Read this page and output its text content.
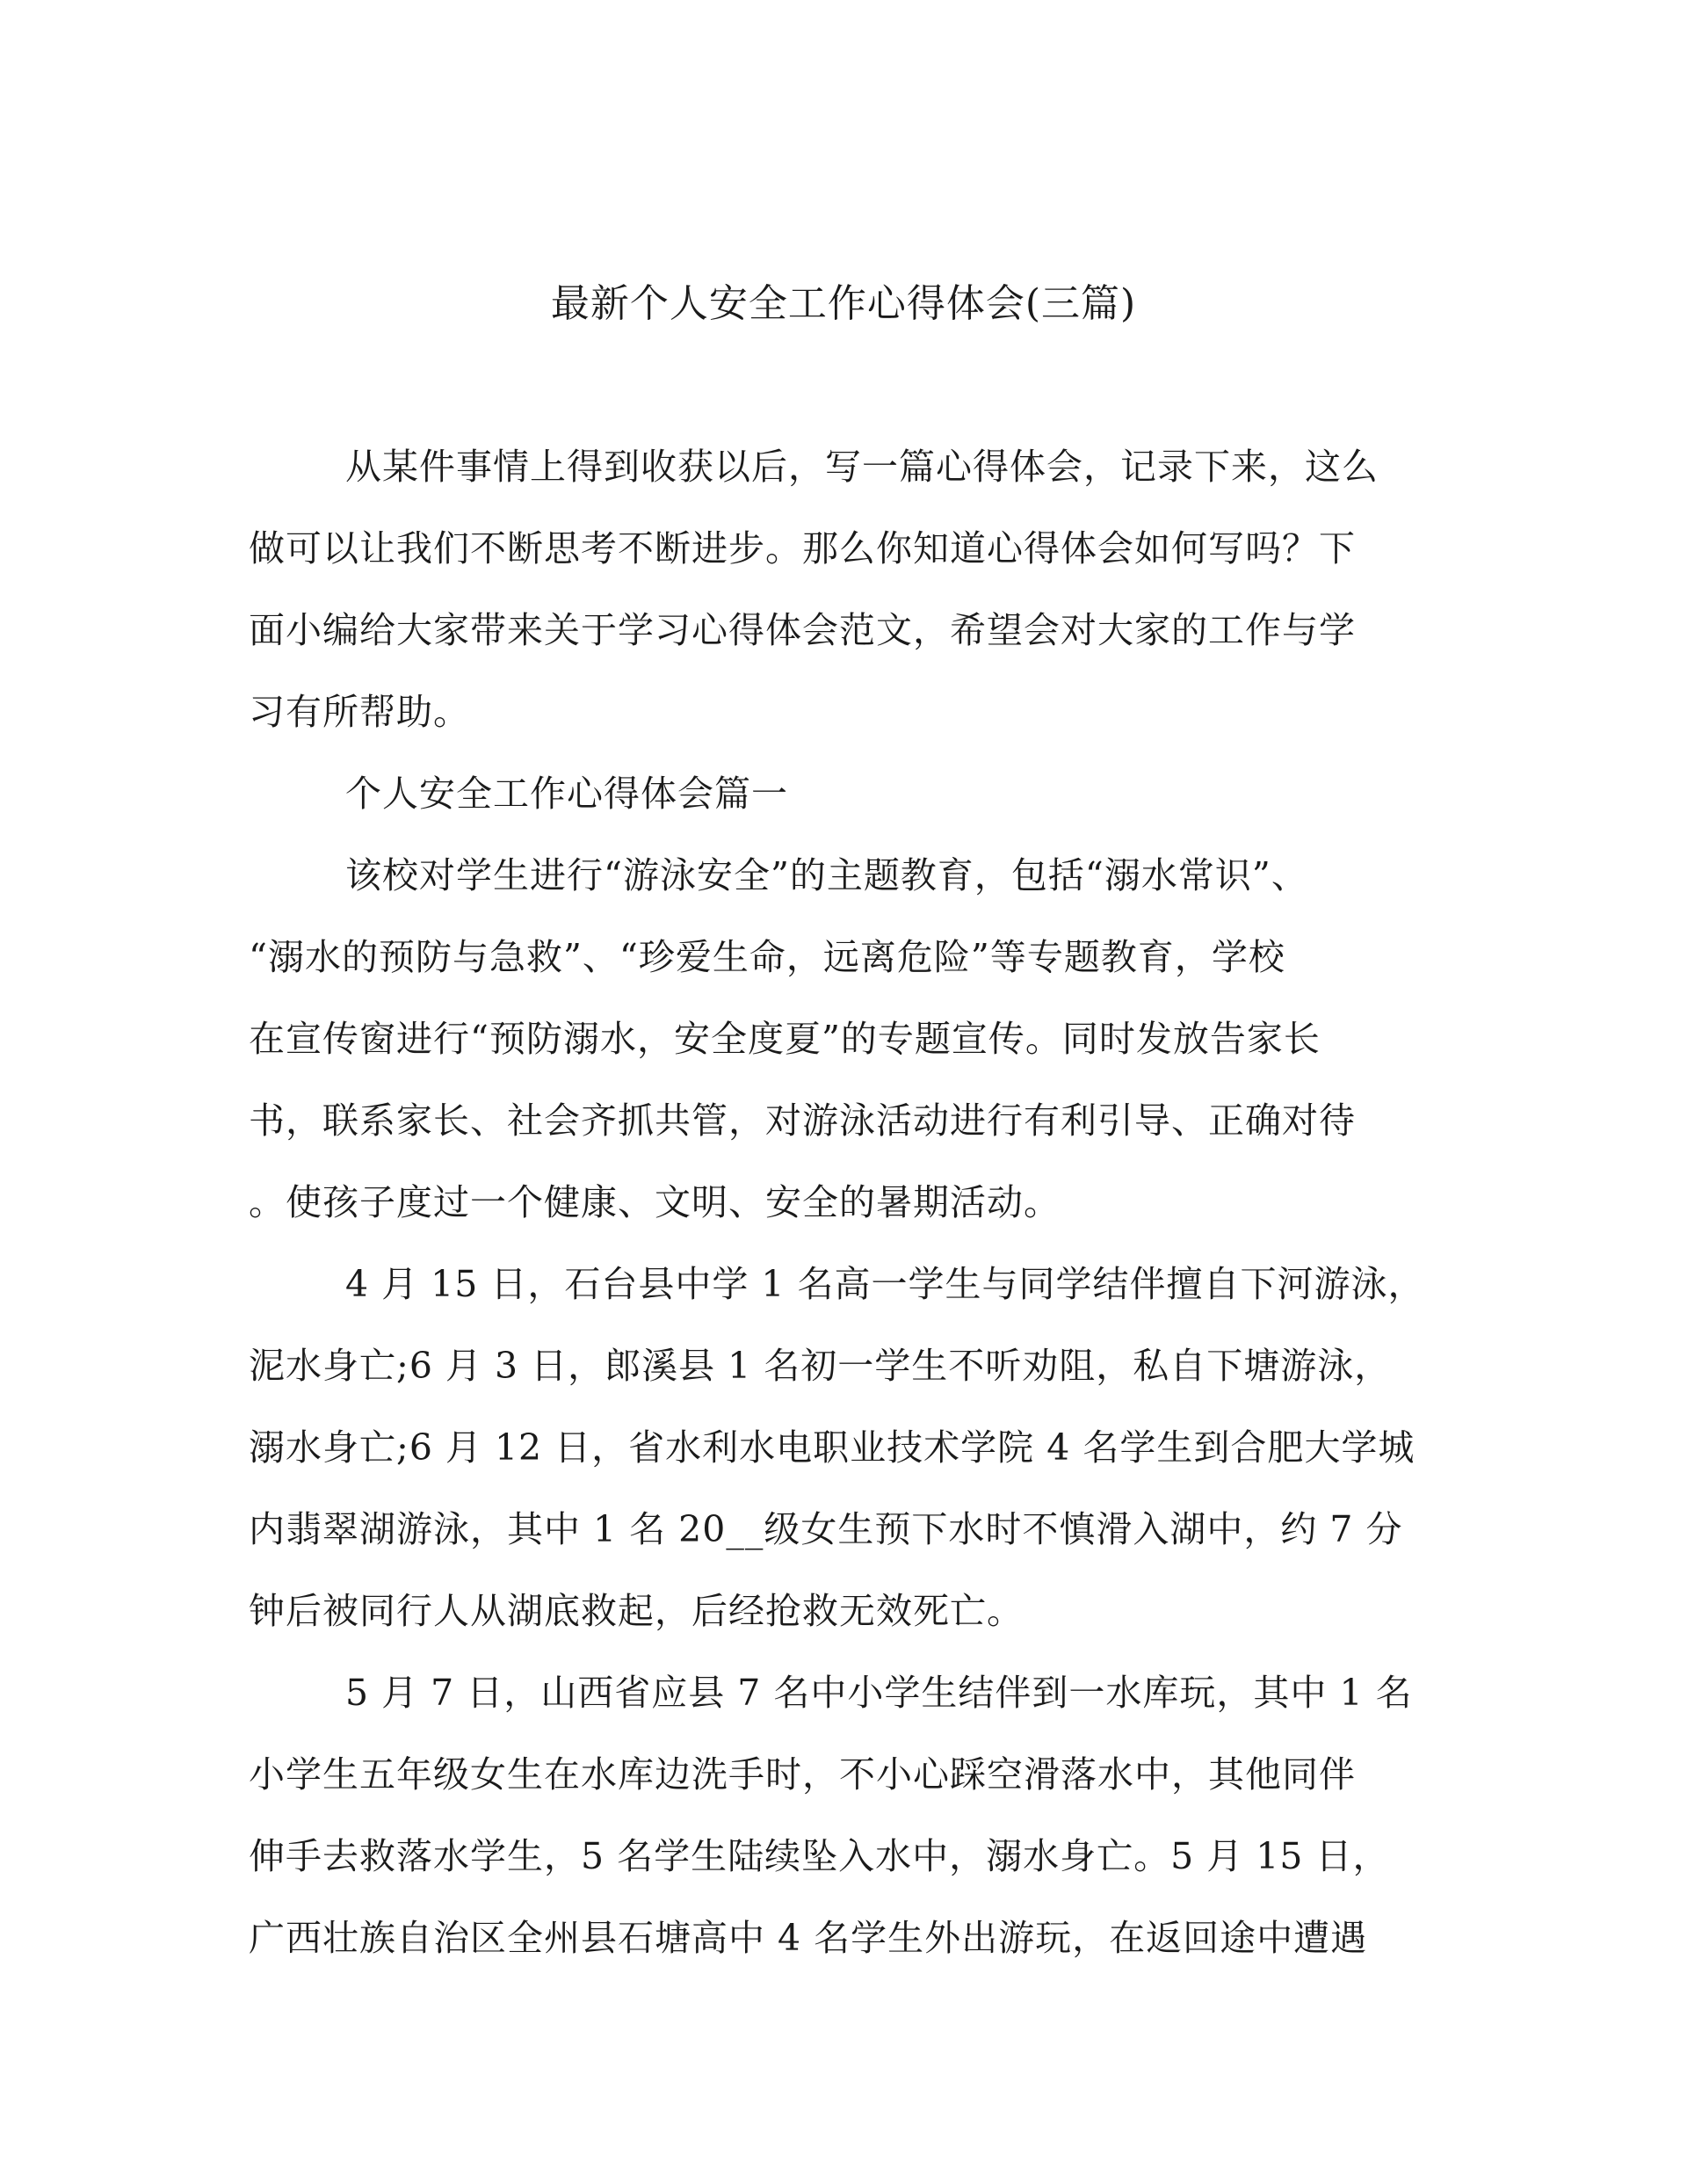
最新个人安全工作心得体会(三篇)
从某件事情上得到收获以后，写一篇心得体会，记录下来，这么
做可以让我们不断思考不断进步。那么你知道心得体会如何写吗？下
面小编给大家带来关于学习心得体会范文，希望会对大家的工作与学
习有所帮助。
个人安全工作心得体会篇一
该校对学生进行“游泳安全”的主题教育，包括“溺水常识”、
“溺水的预防与急救”、“珍爱生命，远离危险”等专题教育，学校
在宣传窗进行“预防溺水，安全度夏”的专题宣传。同时发放告家长
书，联系家长、社会齐抓共管，对游泳活动进行有利引导、正确对待
。使孩子度过一个健康、文明、安全的暑期活动。
4 月 15 日，石台县中学 1 名高一学生与同学结伴擅自下河游泳，
泥水身亡;6 月 3 日，郎溪县 1 名初一学生不听劝阻，私自下塘游泳，
溺水身亡;6 月 12 日，省水利水电职业技术学院 4 名学生到合肥大学城
内翡翠湖游泳，其中 1 名 20__级女生预下水时不慎滑入湖中，约 7 分
钟后被同行人从湖底救起，后经抢救无效死亡。
5 月 7 日，山西省应县 7 名中小学生结伴到一水库玩，其中 1 名
小学生五年级女生在水库边洗手时，不小心踩空滑落水中，其他同伴
伸手去救落水学生，5 名学生陆续坠入水中，溺水身亡。5 月 15 日，
广西壮族自治区全州县石塘高中 4 名学生外出游玩，在返回途中遭遇
